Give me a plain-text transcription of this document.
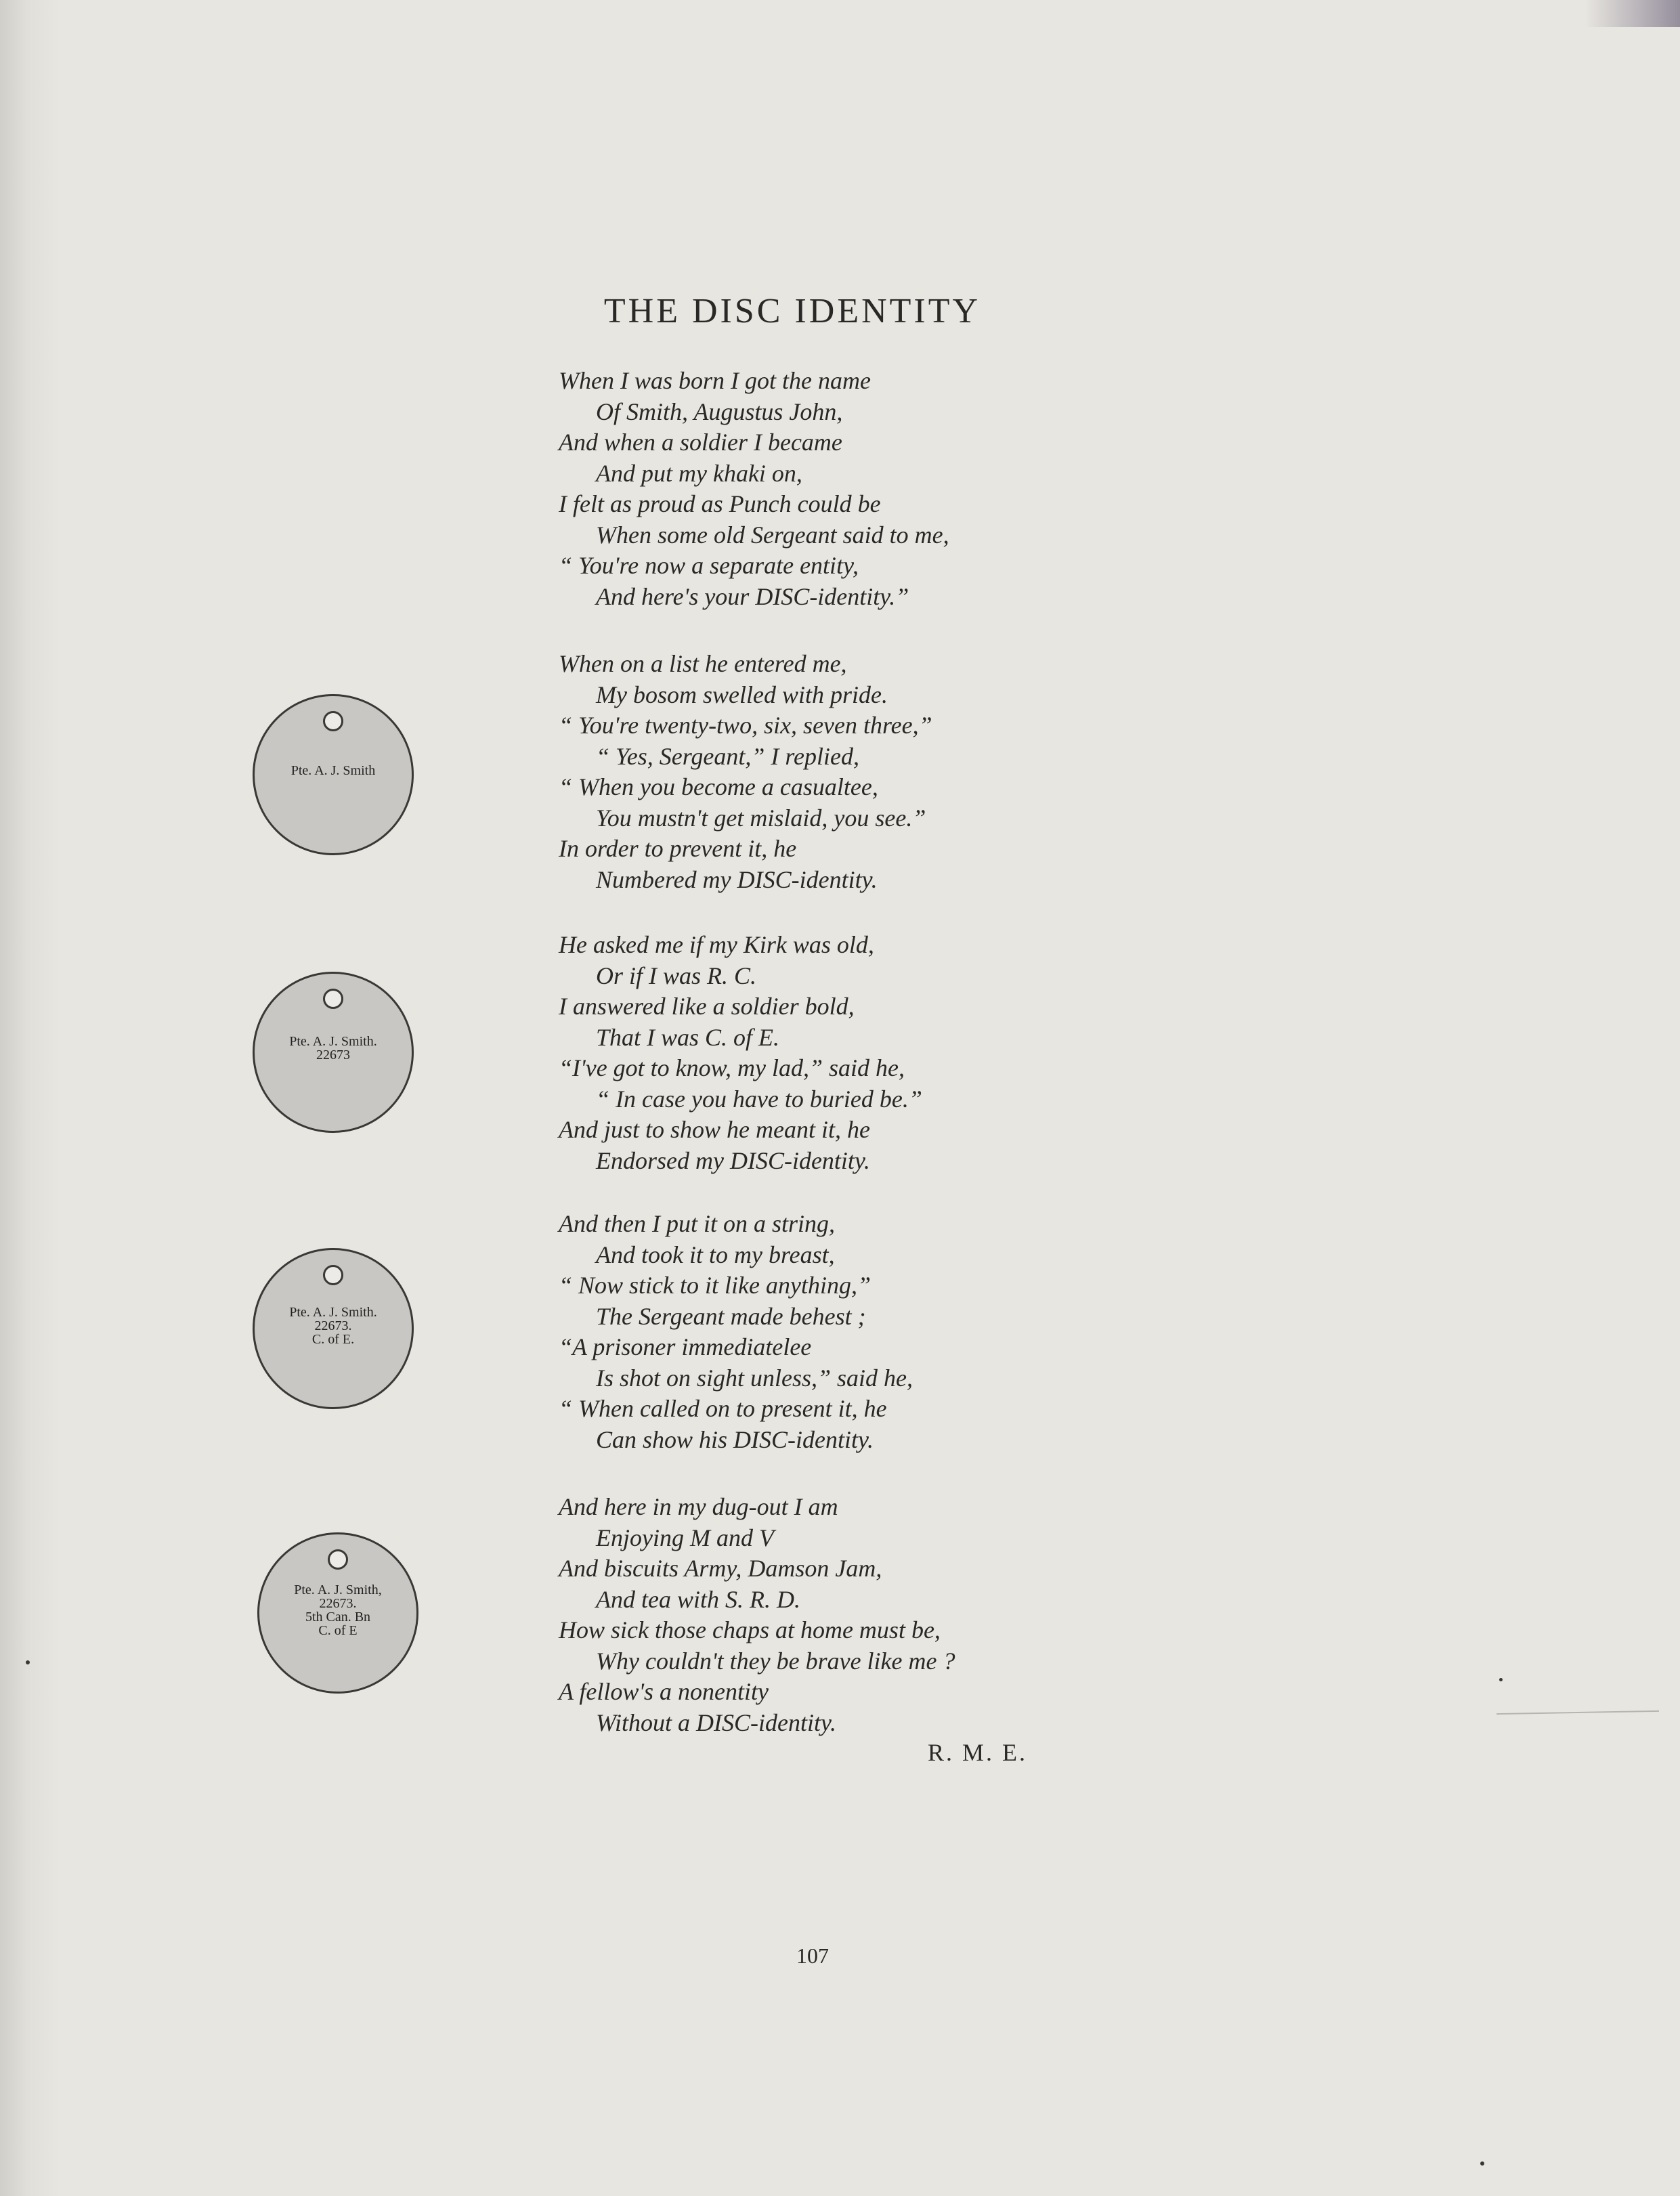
THE DISC IDENTITY
When I was born I got the name
Of Smith, Augustus John,
And when a soldier I became
And put my khaki on,
I felt as proud as Punch could be
When some old Sergeant said to me,
“ You're now a separate entity,
And here's your DISC-identity.”
When on a list he entered me,
My bosom swelled with pride.
“ You're twenty-two, six, seven three,”
“ Yes, Sergeant,” I replied,
“ When you become a casualtee,
You mustn't get mislaid, you see.”
In order to prevent it, he
Numbered my DISC-identity.
He asked me if my Kirk was old,
Or if I was R. C.
I answered like a soldier bold,
That I was C. of E.
“I've got to know, my lad,” said he,
“ In case you have to buried be.”
And just to show he meant it, he
Endorsed my DISC-identity.
And then I put it on a string,
And took it to my breast,
“ Now stick to it like anything,”
The Sergeant made behest ;
“A prisoner immediatelee
Is shot on sight unless,” said he,
“ When called on to present it, he
Can show his DISC-identity.
And here in my dug-out I am
Enjoying M and V
And biscuits Army, Damson Jam,
And tea with S. R. D.
How sick those chaps at home must be,
Why couldn't they be brave like me ?
A fellow's a nonentity
Without a DISC-identity.
R. M. E.
Pte. A. J. Smith
Pte. A. J. Smith.
22673
Pte. A. J. Smith.
22673.
C. of E.
Pte. A. J. Smith,
22673.
5th Can. Bn
C. of E
107
